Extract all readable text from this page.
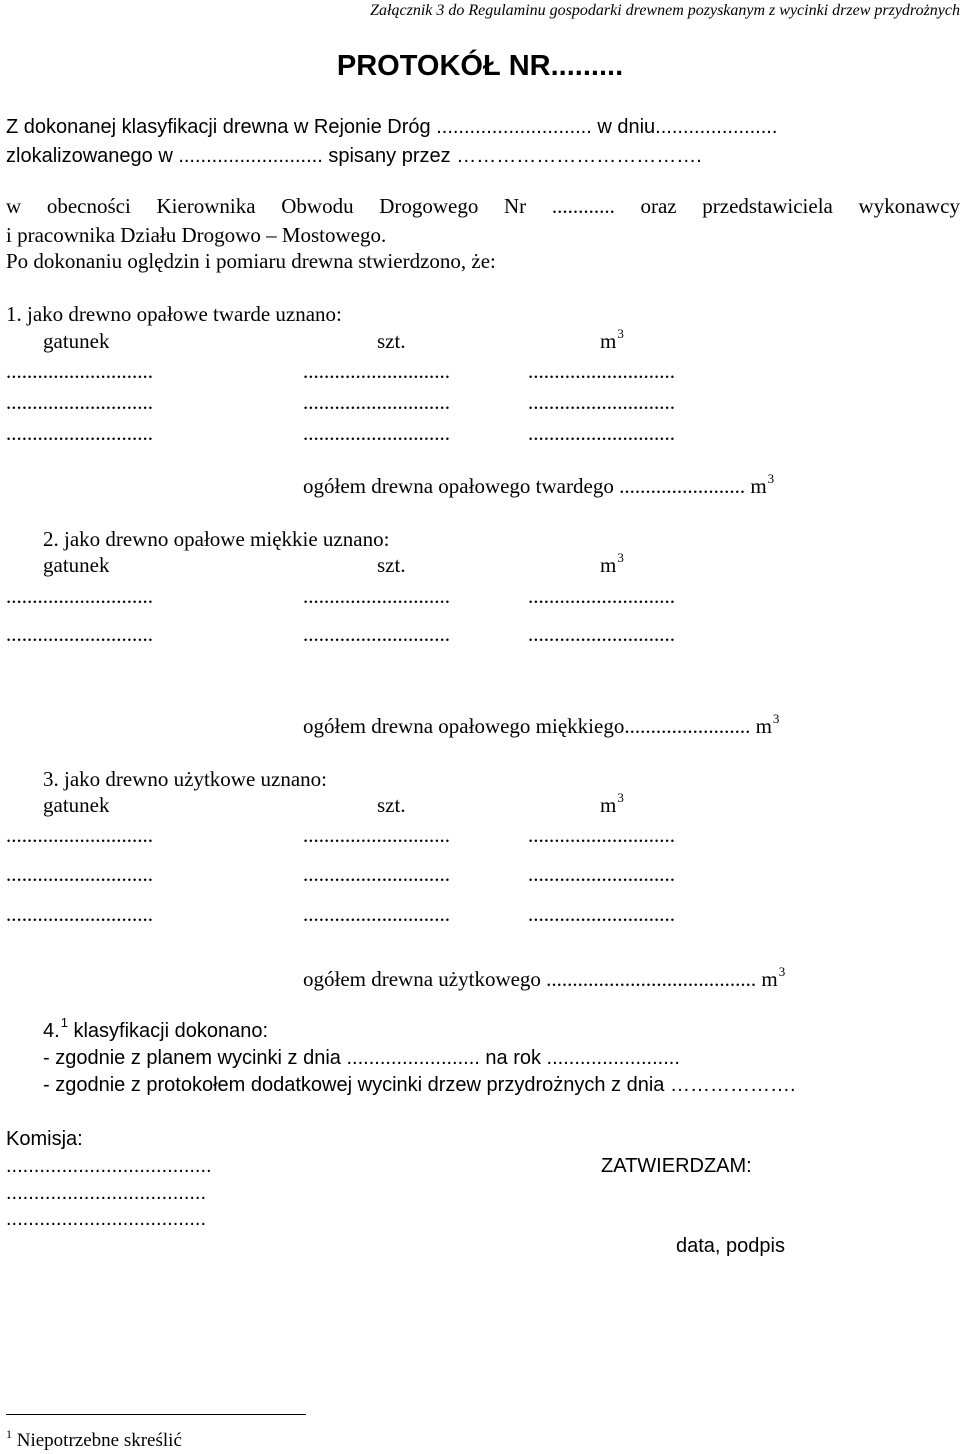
Załącznik 3 do Regulaminu gospodarki drewnem pozyskanym z wycinki drzew przydrożnych
PROTOKÓŁ NR.........
Z dokonanej klasyfikacji drewna w Rejonie Dróg ............................ w dniu......................
zlokalizowanego w .......................... spisany przez ……………………………….
w obecności Kierownika Obwodu Drogowego Nr ............ oraz przedstawiciela wykonawcy
i pracownika Działu Drogowo – Mostowego.
Po dokonaniu oględzin i pomiaru drewna stwierdzono, że:
1. jako drewno opałowe twarde uznano:
gatunek	szt.	$m^3$
............................	............................	............................
............................	............................	............................
............................	............................	............................
ogółem drewna opałowego twardego ........................ $m^3$
2. jako drewno opałowe miękkie uznano:
gatunek	szt.	$m^3$
............................	............................	............................
............................	............................	............................
ogółem drewna opałowego miękkiego........................ $m^3$
3. jako drewno użytkowe uznano:
gatunek	szt.	$m^3$
............................	............................	............................
............................	............................	............................
............................	............................	............................
ogółem drewna użytkowego ........................................ $m^3$
4.$^1$ klasyfikacji dokonano:
- zgodnie z planem wycinki z dnia ........................ na rok ........................
- zgodnie z protokołem dodatkowej wycinki drzew przydrożnych z dnia ……………….
Komisja:
.....................................
....................................
....................................
ZATWIERDZAM:
data, podpis
$^1$ Niepotrzebne skreślić
